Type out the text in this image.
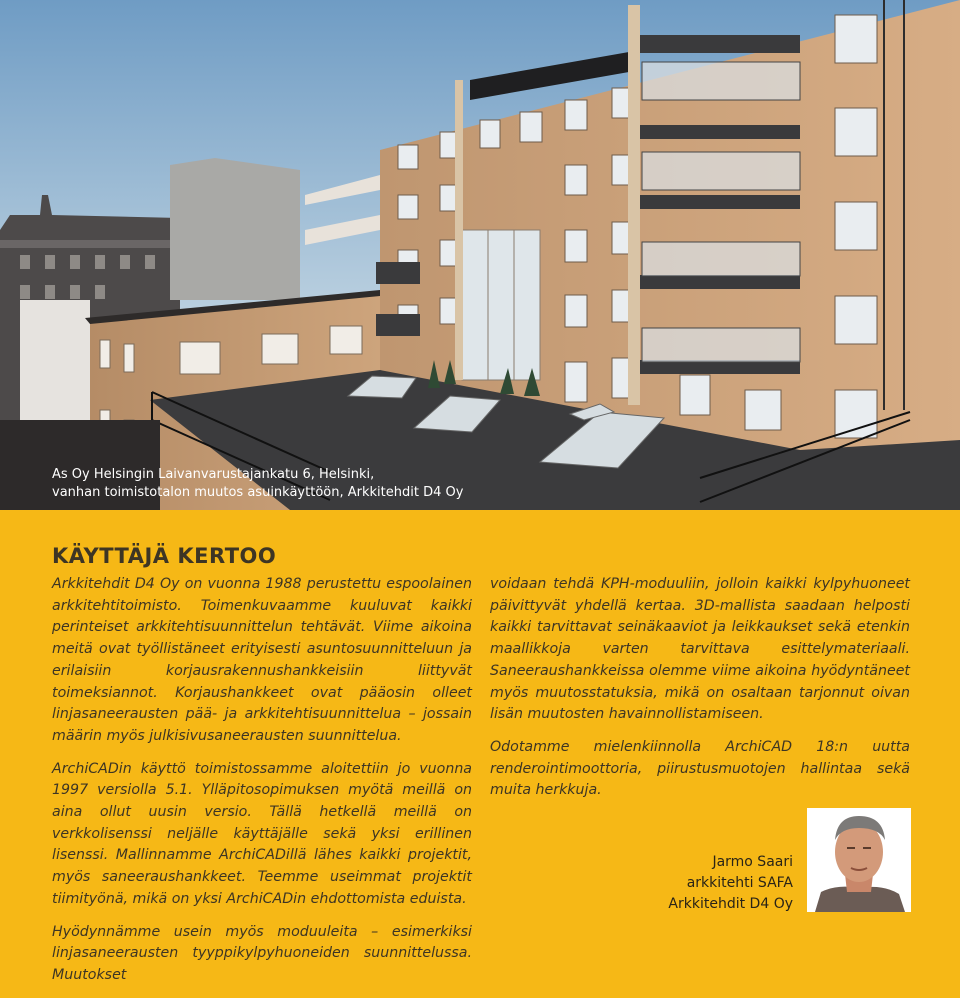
As Oy Helsingin Laivanvarustajankatu 6, Helsinki,
vanhan toimistotalon muutos asuinkäyttöön, Arkkitehdit D4 Oy
KÄYTTÄJÄ KERTOO

Arkkitehdit D4 Oy on vuonna 1988 perustettu espoolainen arkkitehtitoimisto. Toimenkuvaamme kuuluvat kaikki perinteiset arkkitehtisuunnittelun tehtävät. Viime aikoina meitä ovat työllistäneet erityisesti asuntosuunnitteluun ja erilaisiin korjausrakennushankkeisiin liittyvät toimeksiannot. Korjaushankkeet ovat pääosin olleet linjasaneerausten pää- ja arkkitehtisuunnittelua – jossain määrin myös julkisivusaneerausten suunnittelua.

ArchiCADin käyttö toimistossamme aloitettiin jo vuonna 1997 versiolla 5.1. Ylläpitosopimuksen myötä meillä on aina ollut uusin versio. Tällä hetkellä meillä on verkkolisenssi neljälle käyttäjälle sekä yksi erillinen lisenssi. Mallinnamme ArchiCADillä lähes kaikki projektit, myös saneeraushankkeet. Teemme useimmat projektit tiimityönä, mikä on yksi ArchiCADin ehdottomista eduista.

Hyödynnämme usein myös moduuleita – esimerkiksi linjasaneerausten tyyppikylpyhuoneiden suunnittelussa. Muutokset

voidaan tehdä KPH-moduuliin, jolloin kaikki kylpyhuoneet päivittyvät yhdellä kertaa. 3D-mallista saadaan helposti kaikki tarvittavat seinäkaaviot ja leikkaukset sekä etenkin maallikkoja varten tarvittava esittelymateriaali. Saneeraushankkeissa olemme viime aikoina hyödyntäneet myös muutosstatuksia, mikä on osaltaan tarjonnut oivan lisän muutosten havainnollistamiseen.

Odotamme mielenkiinnolla ArchiCAD 18:n uutta renderointimoottoria, piirustusmuotojen hallintaa sekä muita herkkuja.

Jarmo Saari
arkkitehti SAFA
Arkkitehdit D4 Oy
